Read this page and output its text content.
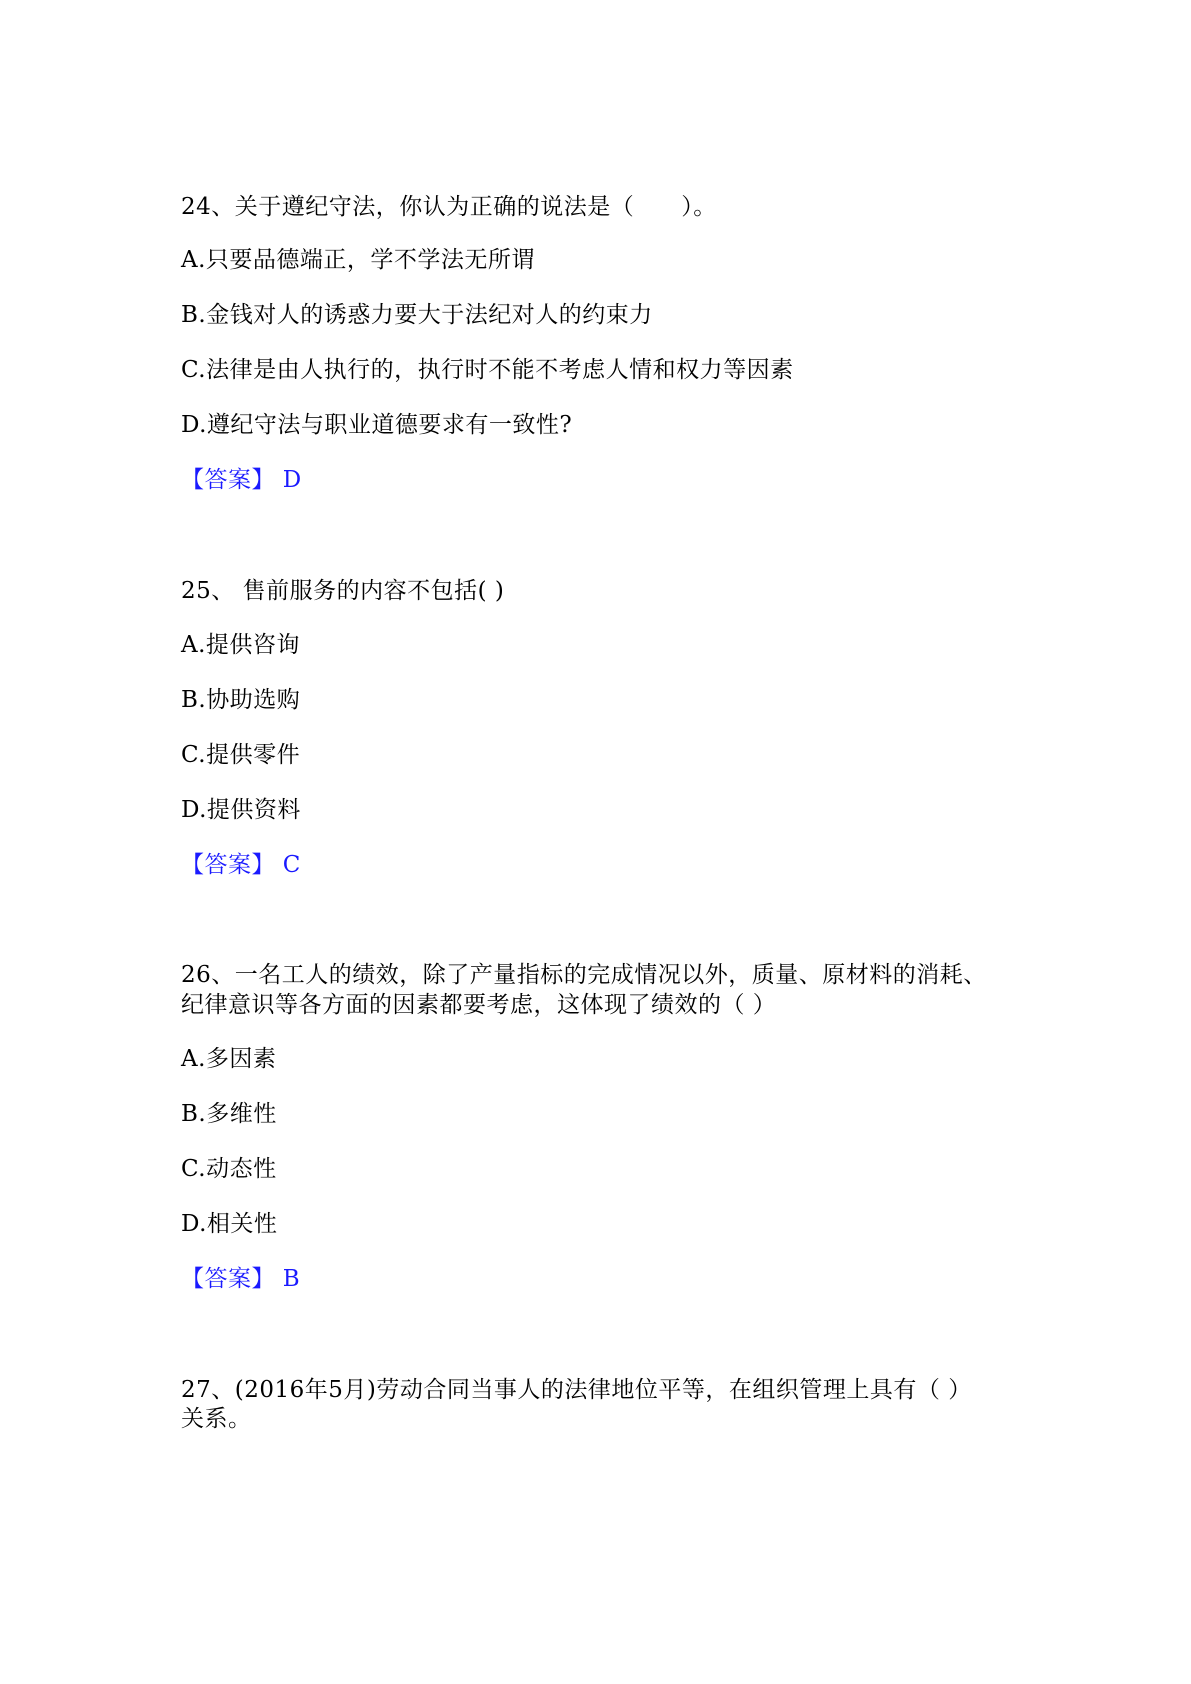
24、关于遵纪守法，你认为正确的说法是（　　）。
A.只要品德端正，学不学法无所谓
B.金钱对人的诱惑力要大于法纪对人的约束力
C.法律是由人执行的，执行时不能不考虑人情和权力等因素
D.遵纪守法与职业道德要求有一致性?
【答案】 D
25、 售前服务的内容不包括( )
A.提供咨询
B.协助选购
C.提供零件
D.提供资料
【答案】 C
26、一名工人的绩效，除了产量指标的完成情况以外，质量、原材料的消耗、
纪律意识等各方面的因素都要考虑，这体现了绩效的（ ）
A.多因素
B.多维性
C.动态性
D.相关性
【答案】 B
27、(2016年5月)劳动合同当事人的法律地位平等，在组织管理上具有（ ）
关系。
